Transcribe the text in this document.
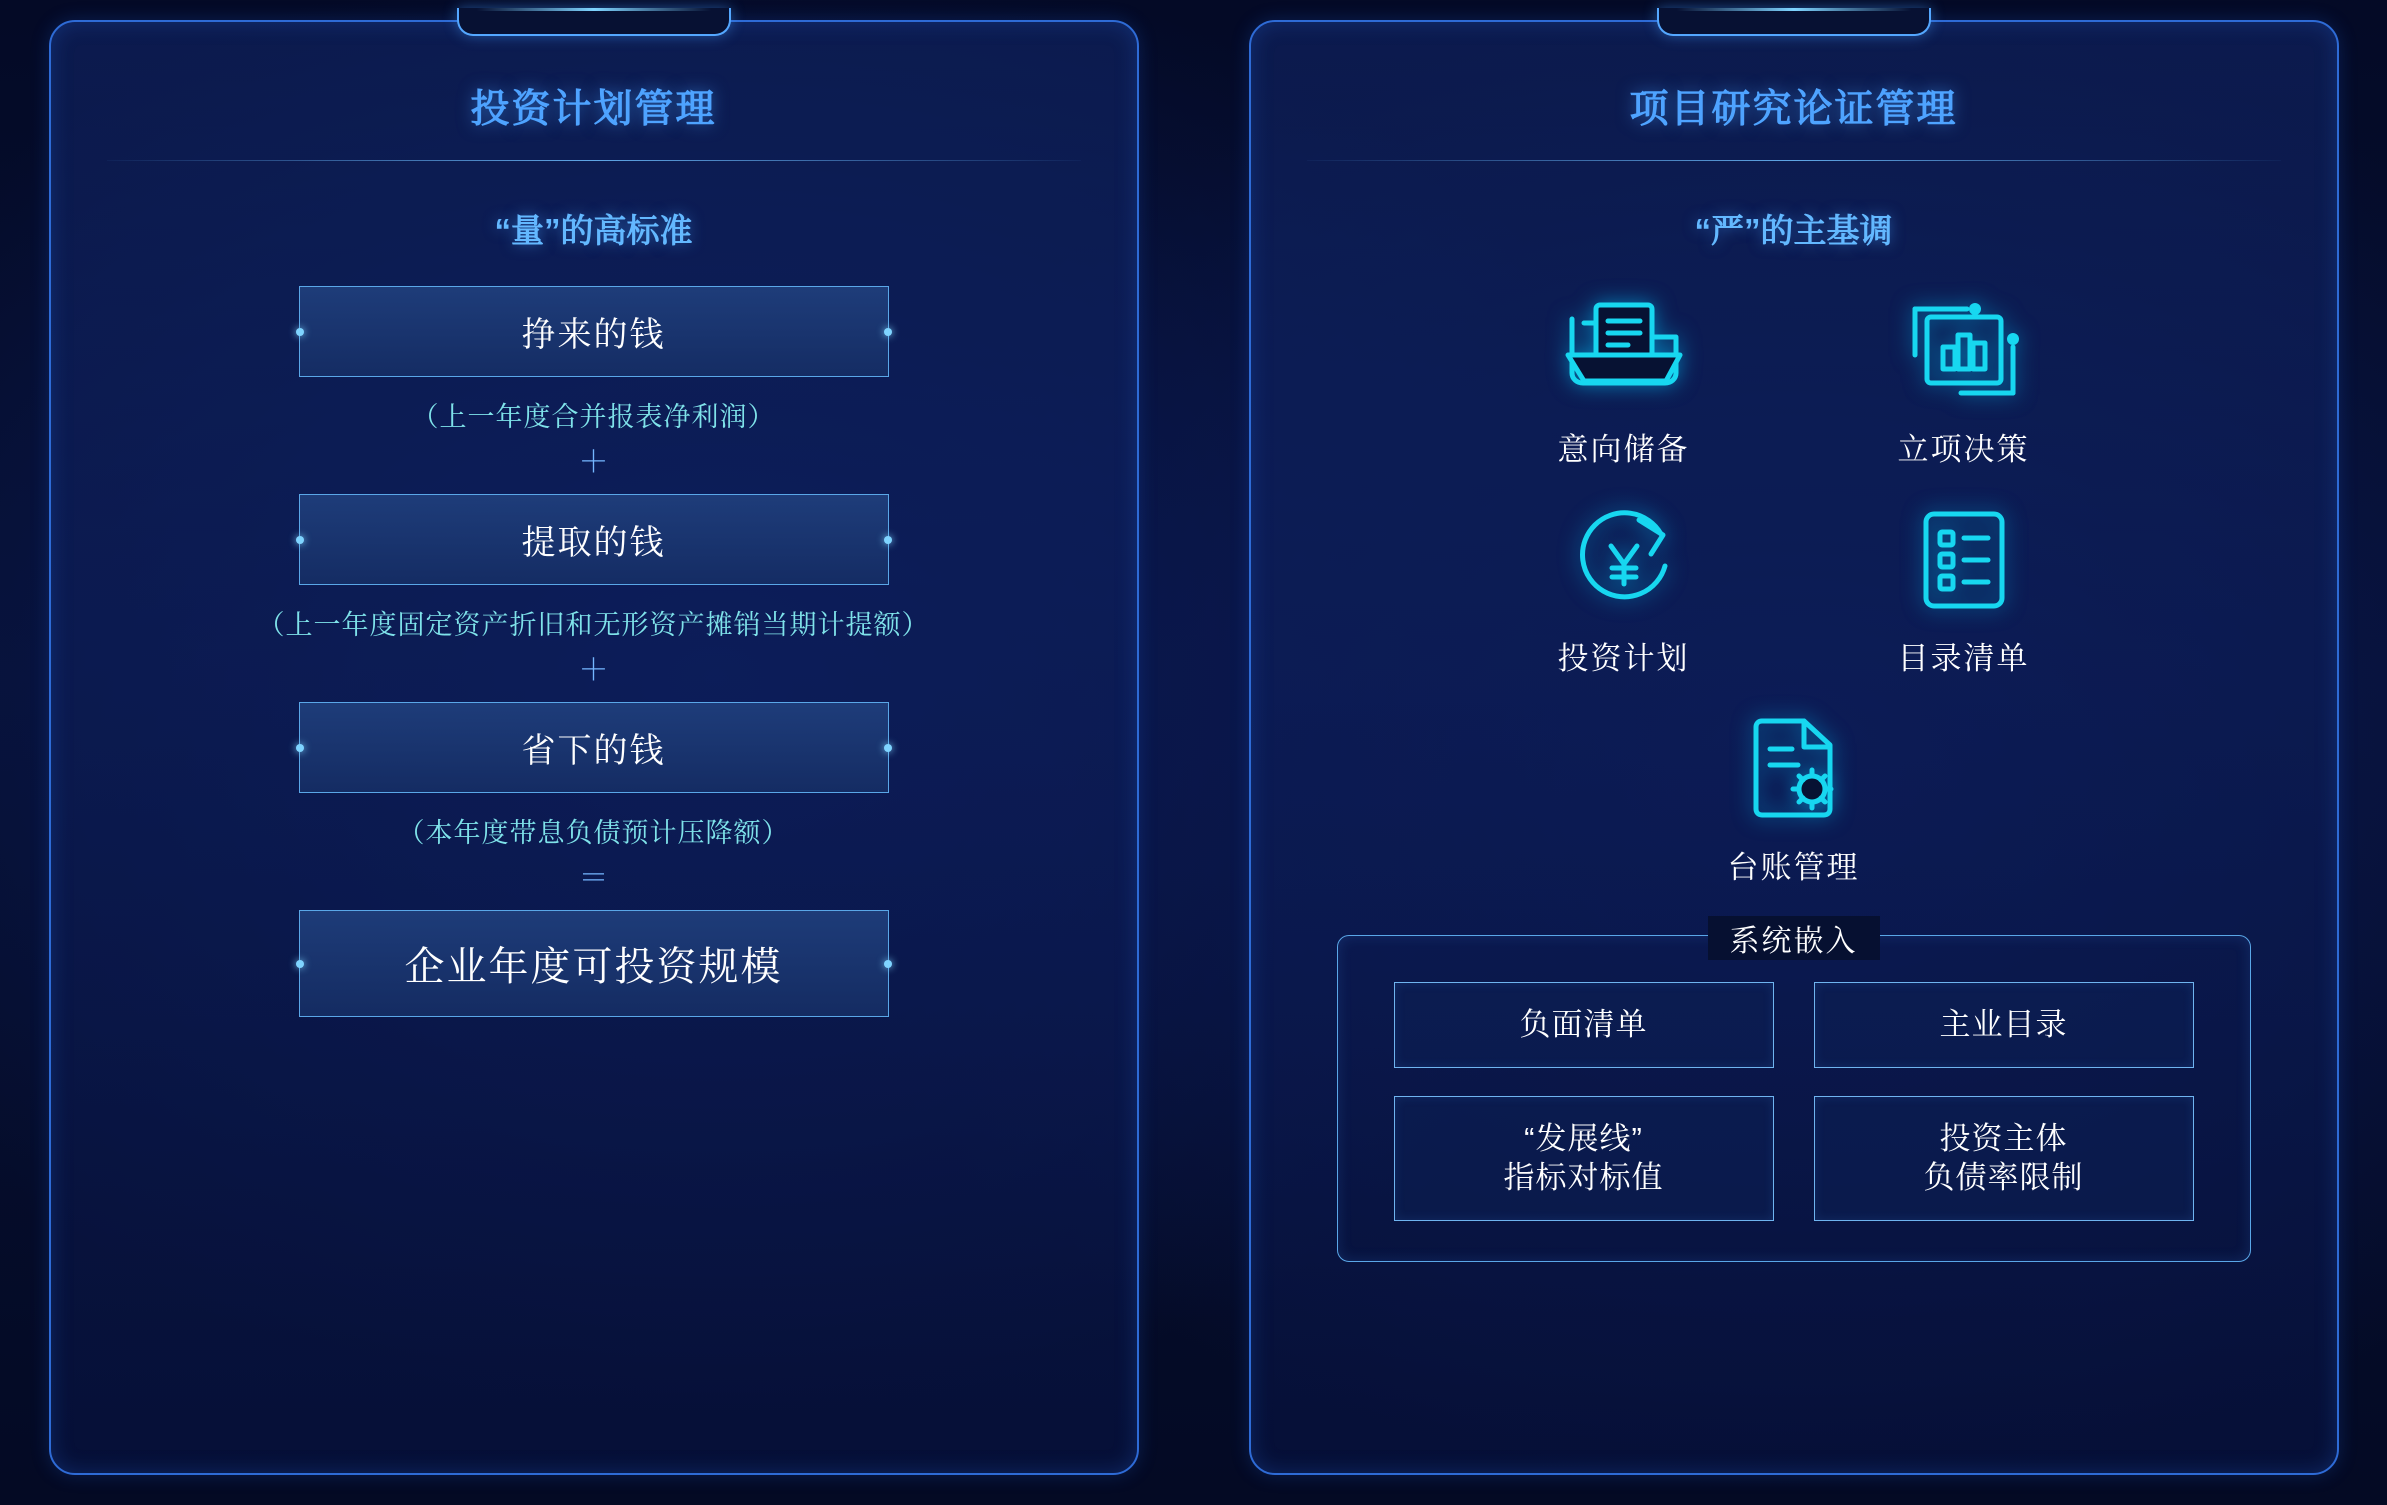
投资计划管理
“量”的高标准
挣来的钱
（上一年度合并报表净利润）
＋
提取的钱
（上一年度固定资产折旧和无形资产摊销当期计提额）
＋
省下的钱
（本年度带息负债预计压降额）
＝
企业年度可投资规模
项目研究论证管理
“严”的主基调
意向储备	立项决策
投资计划	目录清单
台账管理
系统嵌入
负面清单	主业目录
“发展线”
指标对标值
投资主体
负债率限制
